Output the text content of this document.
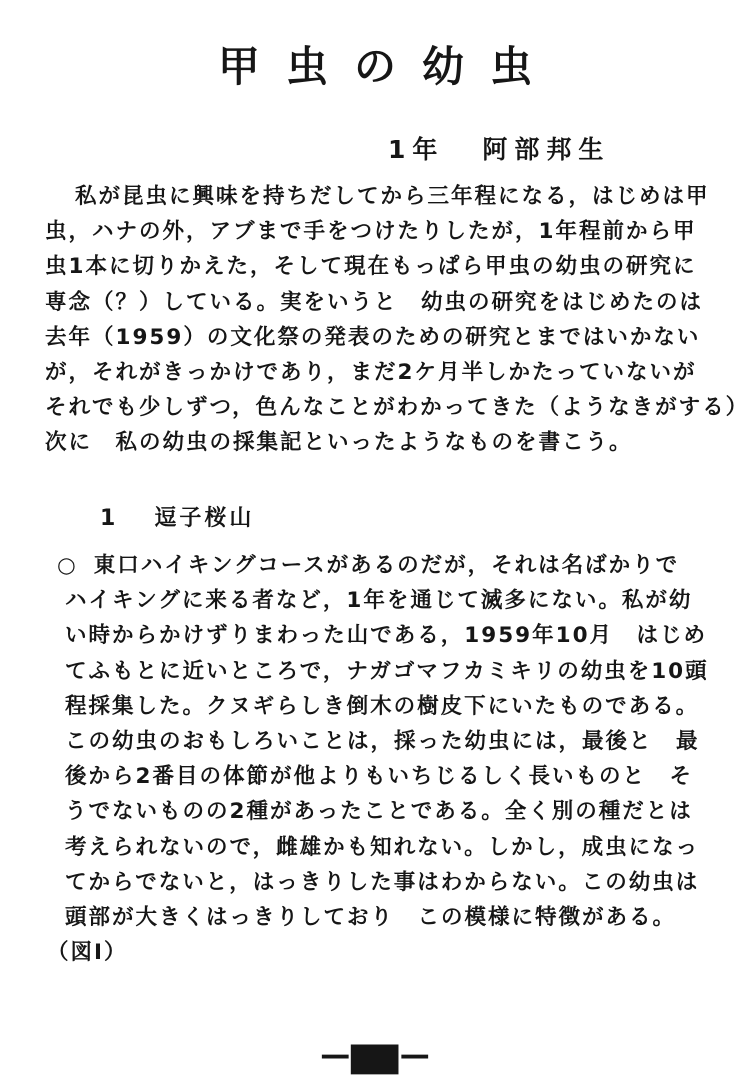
甲虫の幼虫
1年 阿部邦生
私が昆虫に興味を持ちだしてから三年程になる，はじめは甲
虫，ハナの外，アブまで手をつけたりしたが，1年程前から甲
虫1本に切りかえた，そして現在もっぱら甲虫の幼虫の研究に
専念（？）している。実をいうと　幼虫の研究をはじめたのは
去年（1959）の文化祭の発表のための研究とまではいかない
が，それがきっかけであり，まだ2ケ月半しかたっていないが
それでも少しずつ，色んなことがわかってきた（ようなきがする）
次に　私の幼虫の採集記といったようなものを書こう。
1 逗子桜山
○ 東口ハイキングコースがあるのだが，それは名ばかりで
ハイキングに来る者など，1年を通じて滅多にない。私が幼
い時からかけずりまわった山である，1959年10月　はじめ
てふもとに近いところで，ナガゴマフカミキリの幼虫を10頭
程採集した。クヌギらしき倒木の樹皮下にいたものである。
この幼虫のおもしろいことは，採った幼虫には，最後と　最
後から2番目の体節が他よりもいちじるしく長いものと　そ
うでないものの2種があったことである。全く別の種だとは
考えられないので，雌雄かも知れない。しかし，成虫になっ
てからでないと，はっきりした事はわからない。この幼虫は
頭部が大きくはっきりしており　この模様に特徴がある。
（図Ⅰ）
— ■ —
